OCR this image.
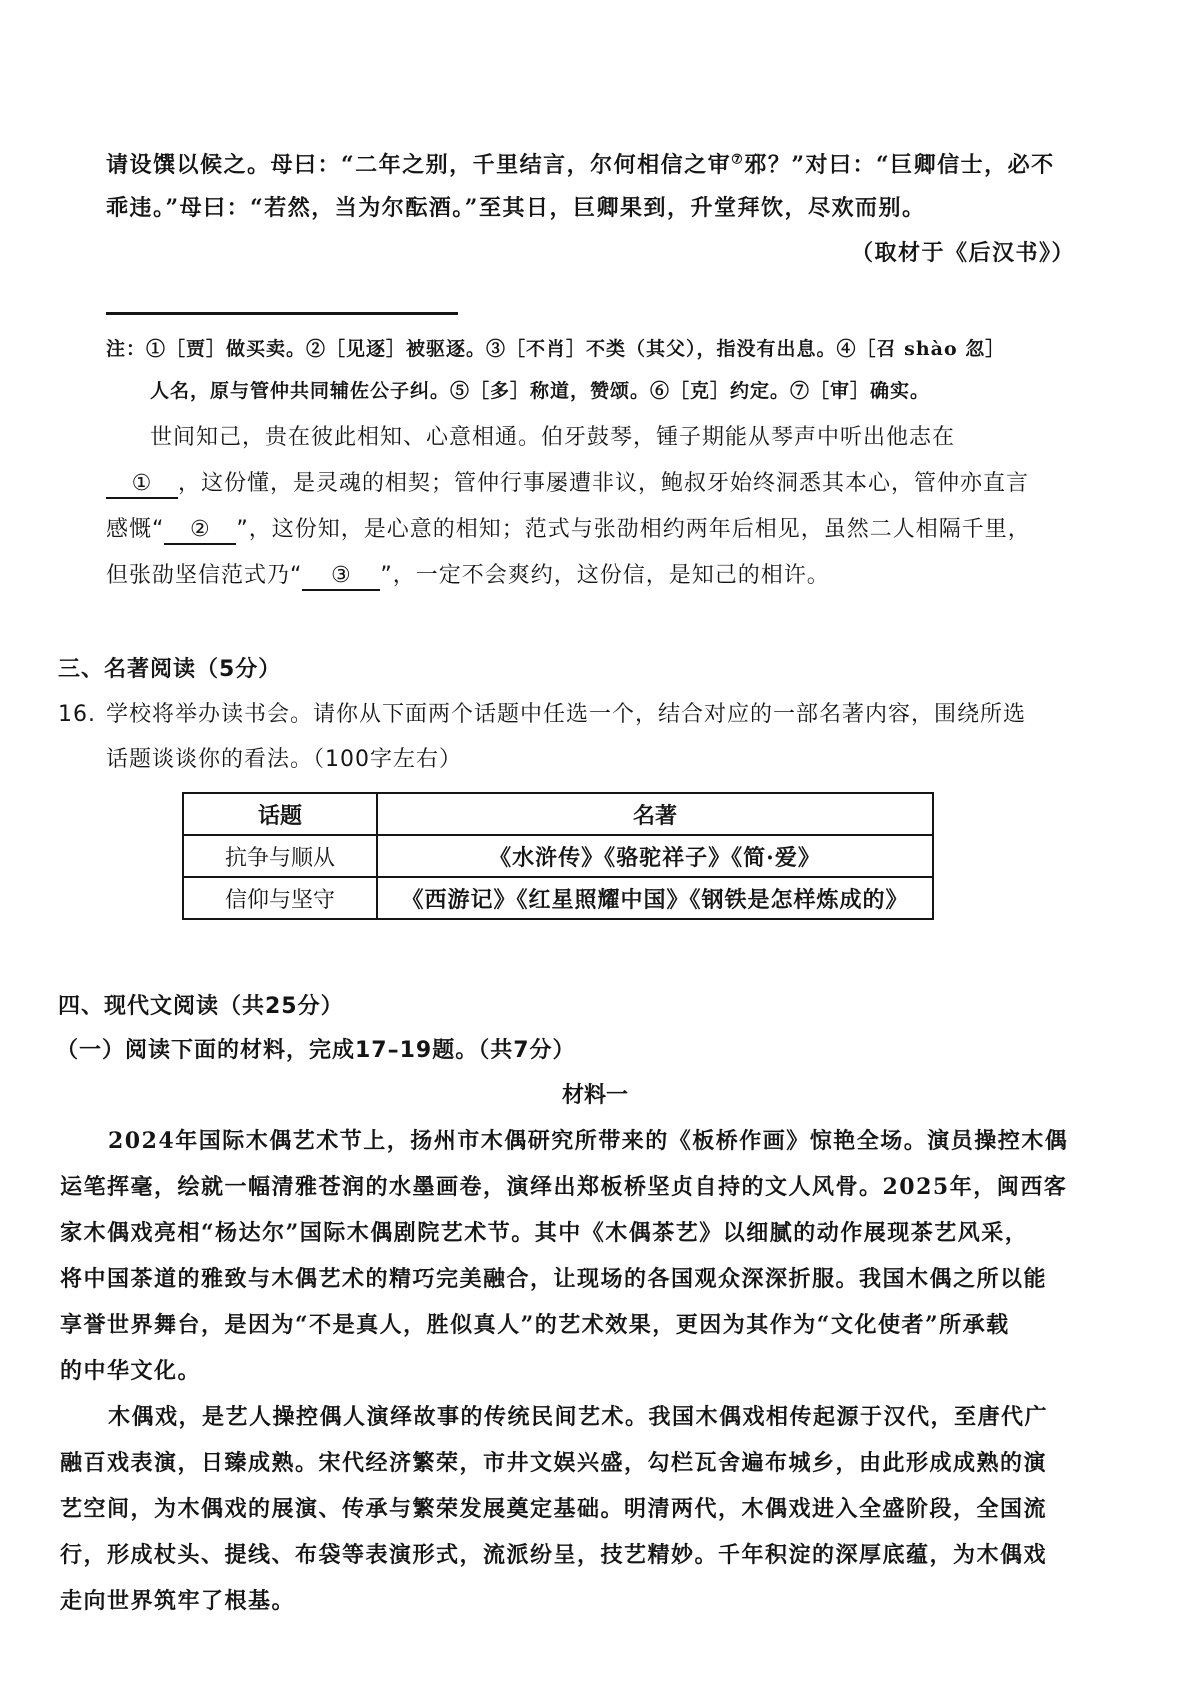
请设馔以候之。母曰：“二年之别，千里结言，尔何相信之审⑦邪？”对曰：“巨卿信士，必不
乖违。”母曰：“若然，当为尔酝酒。”至其日，巨卿果到，升堂拜饮，尽欢而别。
（取材于《后汉书》）
注：①［贾］做买卖。②［见逐］被驱逐。③［不肖］不类（其父），指没有出息。④［召 shào 忽］
人名，原与管仲共同辅佐公子纠。⑤［多］称道，赞颂。⑥［克］约定。⑦［审］确实。
世间知己，贵在彼此相知、心意相通。伯牙鼓琴，锺子期能从琴声中听出他志在
① ，这份懂，是灵魂的相契；管仲行事屡遭非议，鲍叔牙始终洞悉其本心，管仲亦直言
感慨“ ② ”，这份知，是心意的相知；范式与张劭相约两年后相见，虽然二人相隔千里，
但张劭坚信范式乃“ ③ ”，一定不会爽约，这份信，是知己的相许。
三、名著阅读（5分）
16. 学校将举办读书会。请你从下面两个话题中任选一个，结合对应的一部名著内容，围绕所选
话题谈谈你的看法。（100字左右）
话题	名著
抗争与顺从	《水浒传》《骆驼祥子》《简·爱》
信仰与坚守	《西游记》《红星照耀中国》《钢铁是怎样炼成的》
四、现代文阅读（共25分）
（一）阅读下面的材料，完成17–19题。（共7分）
材料一
2024年国际木偶艺术节上，扬州市木偶研究所带来的《板桥作画》惊艳全场。演员操控木偶
运笔挥毫，绘就一幅清雅苍润的水墨画卷，演绎出郑板桥坚贞自持的文人风骨。2025年，闽西客
家木偶戏亮相“杨达尔”国际木偶剧院艺术节。其中《木偶茶艺》以细腻的动作展现茶艺风采，
将中国茶道的雅致与木偶艺术的精巧完美融合，让现场的各国观众深深折服。我国木偶之所以能
享誉世界舞台，是因为“不是真人，胜似真人”的艺术效果，更因为其作为“文化使者”所承载
的中华文化。
木偶戏，是艺人操控偶人演绎故事的传统民间艺术。我国木偶戏相传起源于汉代，至唐代广
融百戏表演，日臻成熟。宋代经济繁荣，市井文娱兴盛，勾栏瓦舍遍布城乡，由此形成成熟的演
艺空间，为木偶戏的展演、传承与繁荣发展奠定基础。明清两代，木偶戏进入全盛阶段，全国流
行，形成杖头、提线、布袋等表演形式，流派纷呈，技艺精妙。千年积淀的深厚底蕴，为木偶戏
走向世界筑牢了根基。
